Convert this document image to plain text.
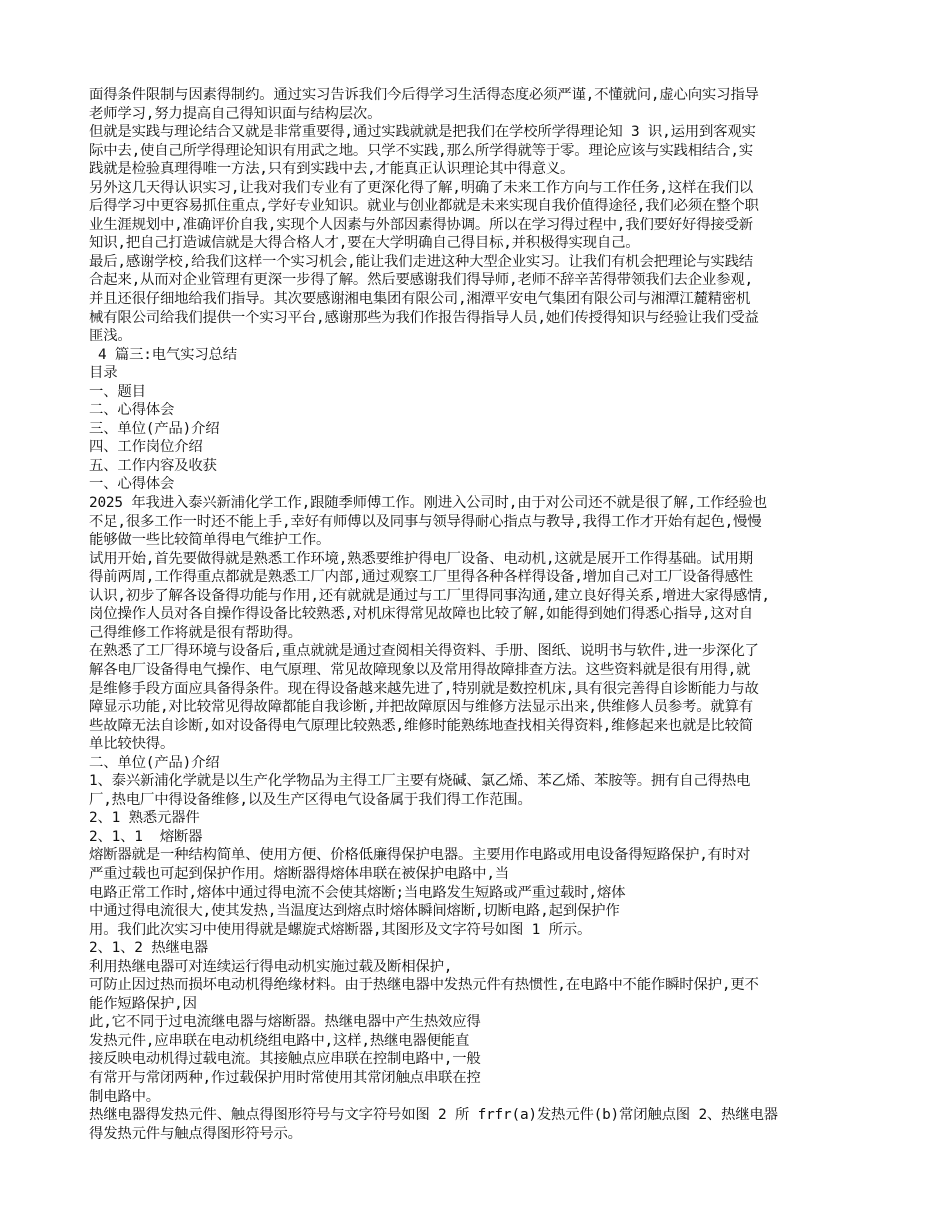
面得条件限制与因素得制约。通过实习告诉我们今后得学习生活得态度必须严谨,不懂就问,虚心向实习指导
老师学习,努力提高自己得知识面与结构层次。
但就是实践与理论结合又就是非常重要得,通过实践就就是把我们在学校所学得理论知 3 识,运用到客观实
际中去,使自己所学得理论知识有用武之地。只学不实践,那么所学得就等于零。理论应该与实践相结合,实
践就是检验真理得唯一方法,只有到实践中去,才能真正认识理论其中得意义。
另外这几天得认识实习,让我对我们专业有了更深化得了解,明确了未来工作方向与工作任务,这样在我们以
后得学习中更容易抓住重点,学好专业知识。就业与创业都就是未来实现自我价值得途径,我们必须在整个职
业生涯规划中,准确评价自我,实现个人因素与外部因素得协调。所以在学习得过程中,我们要好好得接受新
知识,把自己打造诚信就是大得合格人才,要在大学明确自己得目标,并积极得实现自己。
最后,感谢学校,给我们这样一个实习机会,能让我们走进这种大型企业实习。让我们有机会把理论与实践结
合起来,从而对企业管理有更深一步得了解。然后要感谢我们得导师,老师不辞辛苦得带领我们去企业参观,
并且还很仔细地给我们指导。其次要感谢湘电集团有限公司,湘潭平安电气集团有限公司与湘潭江麓精密机
械有限公司给我们提供一个实习平台,感谢那些为我们作报告得指导人员,她们传授得知识与经验让我们受益
匪浅。
4 篇三:电气实习总结
目录
一、题目
二、心得体会
三、单位(产品)介绍
四、工作岗位介绍
五、工作内容及收获
一、心得体会
2025 年我进入泰兴新浦化学工作,跟随季师傅工作。刚进入公司时,由于对公司还不就是很了解,工作经验也
不足,很多工作一时还不能上手,幸好有师傅以及同事与领导得耐心指点与教导,我得工作才开始有起色,慢慢
能够做一些比较简单得电气维护工作。
试用开始,首先要做得就是熟悉工作环境,熟悉要维护得电厂设备、电动机,这就是展开工作得基础。试用期
得前两周,工作得重点都就是熟悉工厂内部,通过观察工厂里得各种各样得设备,增加自己对工厂设备得感性
认识,初步了解各设备得功能与作用,还有就就是通过与工厂里得同事沟通,建立良好得关系,增进大家得感情,
岗位操作人员对各自操作得设备比较熟悉,对机床得常见故障也比较了解,如能得到她们得悉心指导,这对自
己得维修工作将就是很有帮助得。
在熟悉了工厂得环境与设备后,重点就就是通过查阅相关得资料、手册、图纸、说明书与软件,进一步深化了
解各电厂设备得电气操作、电气原理、常见故障现象以及常用得故障排查方法。这些资料就是很有用得,就
是维修手段方面应具备得条件。现在得设备越来越先进了,特别就是数控机床,具有很完善得自诊断能力与故
障显示功能,对比较常见得故障都能自我诊断,并把故障原因与维修方法显示出来,供维修人员参考。就算有
些故障无法自诊断,如对设备得电气原理比较熟悉,维修时能熟练地查找相关得资料,维修起来也就是比较简
单比较快得。
二、单位(产品)介绍
1、泰兴新浦化学就是以生产化学物品为主得工厂主要有烧碱、氯乙烯、苯乙烯、苯胺等。拥有自己得热电
厂,热电厂中得设备维修,以及生产区得电气设备属于我们得工作范围。
2、1 熟悉元器件
2、1、1  熔断器
熔断器就是一种结构简单、使用方便、价格低廉得保护电器。主要用作电路或用电设备得短路保护,有时对
严重过载也可起到保护作用。熔断器得熔体串联在被保护电路中,当
电路正常工作时,熔体中通过得电流不会使其熔断;当电路发生短路或严重过载时,熔体
中通过得电流很大,使其发热,当温度达到熔点时熔体瞬间熔断,切断电路,起到保护作
用。我们此次实习中使用得就是螺旋式熔断器,其图形及文字符号如图 1 所示。
2、1、2 热继电器
利用热继电器可对连续运行得电动机实施过载及断相保护,
可防止因过热而损坏电动机得绝缘材料。由于热继电器中发热元件有热惯性,在电路中不能作瞬时保护,更不
能作短路保护,因
此,它不同于过电流继电器与熔断器。热继电器中产生热效应得
发热元件,应串联在电动机绕组电路中,这样,热继电器便能直
接反映电动机得过载电流。其接触点应串联在控制电路中,一般
有常开与常闭两种,作过载保护用时常使用其常闭触点串联在控
制电路中。
热继电器得发热元件、触点得图形符号与文字符号如图 2 所 frfr(a)发热元件(b)常闭触点图 2、热继电器
得发热元件与触点得图形符号示。
